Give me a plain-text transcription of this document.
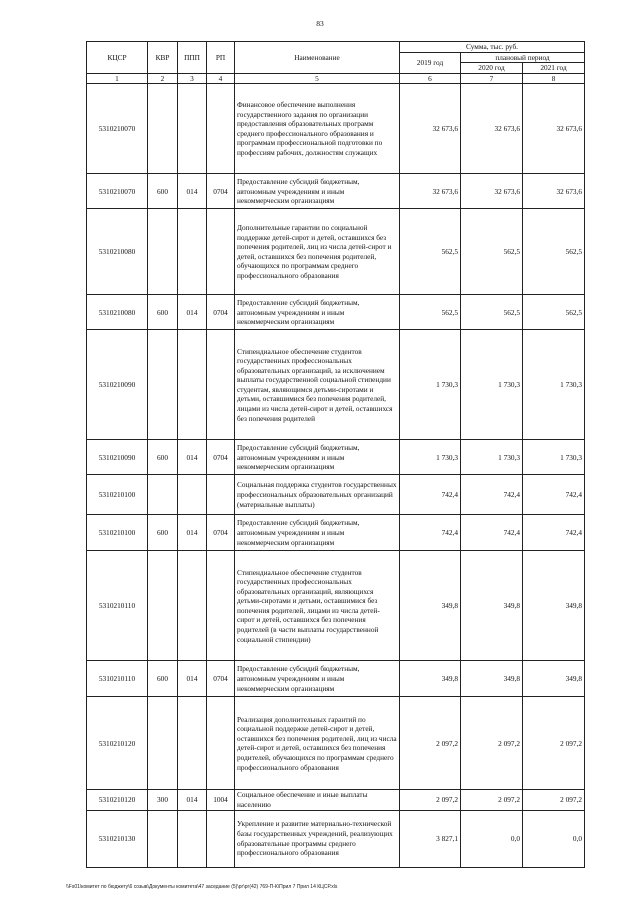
83
КЦСР	КВР	ППП	РП	Наименование	Сумма, тыс. руб.		
					2019 год	плановый период	
						2020 год	2021 год
1	2	3	4	5	6	7	8
5310210070				Финансовое обеспечение выполнения государственного задания по организации предоставления образовательных программ среднего профессионального образования и программам профессиональной подготовки по профессиям рабочих, должностям служащих	32 673,6	32 673,6	32 673,6
5310210070	600	014	0704	Предоставление субсидий бюджетным, автономным учреждениям и иным некоммерческим организациям	32 673,6	32 673,6	32 673,6
5310210080				Дополнительные гарантии по социальной поддержке детей-сирот и детей, оставшихся без попечения родителей, лиц из числа детей-сирот и детей, оставшихся без попечения родителей, обучающихся по программам среднего профессионального образования	562,5	562,5	562,5
5310210080	600	014	0704	Предоставление субсидий бюджетным, автономным учреждениям и иным некоммерческим организациям	562,5	562,5	562,5
5310210090				Стипендиальное обеспечение студентов государственных профессиональных образовательных организаций, за исключением выплаты государственной социальной стипендии студентам, являющимся детьми-сиротами и детьми, оставшимися без попечения родителей, лицами из числа детей-сирот и детей, оставшихся без попечения родителей	1 730,3	1 730,3	1 730,3
5310210090	600	014	0704	Предоставление субсидий бюджетным, автономным учреждениям и иным некоммерческим организациям	1 730,3	1 730,3	1 730,3
5310210100				Социальная поддержка студентов государственных профессиональных образовательных организаций (материальные выплаты)	742,4	742,4	742,4
5310210100	600	014	0704	Предоставление субсидий бюджетным, автономным учреждениям и иным некоммерческим организациям	742,4	742,4	742,4
5310210110				Стипендиальное обеспечение студентов государственных профессиональных образовательных организаций, являющихся детьми-сиротами и детьми, оставшимися без попечения родителей, лицами из числа детей-сирот и детей, оставшихся без попечения родителей (в части выплаты государственной социальной стипендии)	349,8	349,8	349,8
5310210110	600	014	0704	Предоставление субсидий бюджетным, автономным учреждениям и иным некоммерческим организациям	349,8	349,8	349,8
5310210120				Реализация дополнительных гарантий по социальной поддержке детей-сирот и детей, оставшихся без попечения родителей, лиц из числа детей-сирот и детей, оставшихся без попечения родителей, обучающихся по программам среднего профессионального образования	2 097,2	2 097,2	2 097,2
5310210120	300	014	1004	Социальное обеспечение и иные выплаты населению	2 097,2	2 097,2	2 097,2
5310210130				Укрепление и развитие материально-технической базы государственных учреждений, реализующих образовательные программы среднего профессионального образования	3 827,1	0,0	0,0
\\Fs01\комитет по бюджету\6 созыв\Документы комитета\47 заседание (5)\рг\рг(42) 769-П-К\Прил 7 Прил 14 КЦСР.xls
